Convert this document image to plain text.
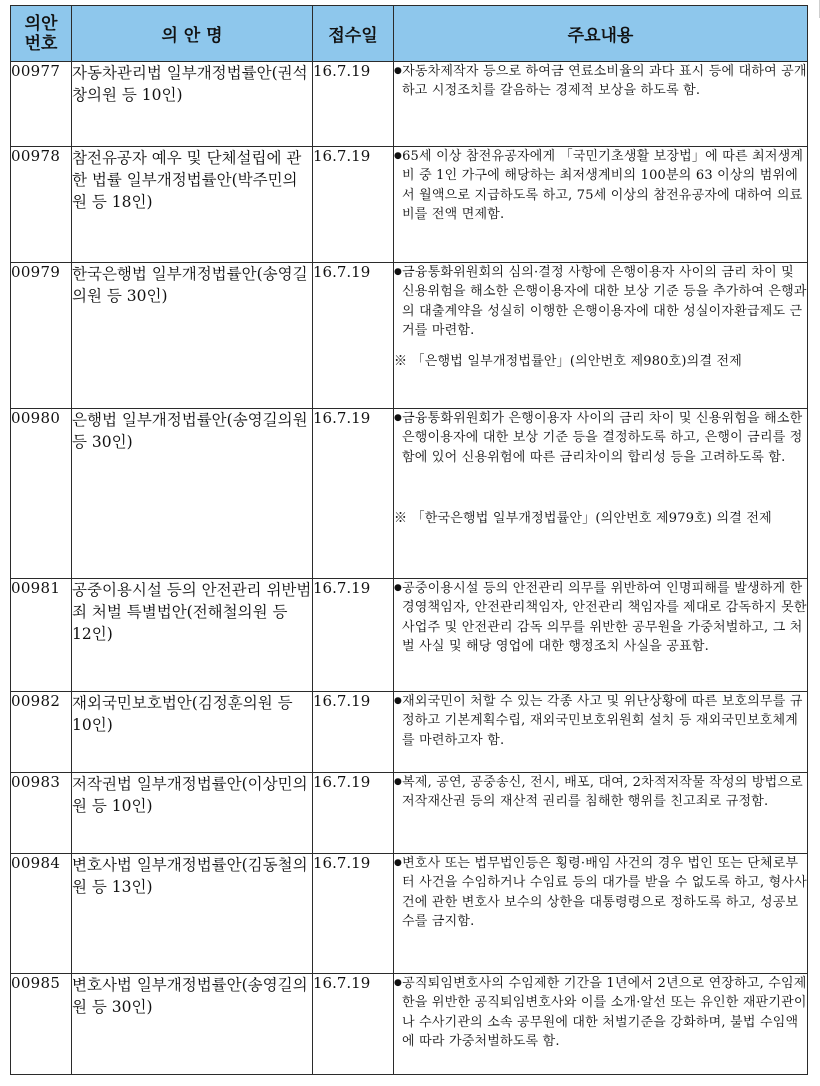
의안
번호	의 안 명	접수일	주요내용
00977	자동차관리법 일부개정법률안(권석창의원 등 10인)	16.7.19	●자동차제작자 등으로 하여금 연료소비율의 과다 표시 등에 대하여 공개하고 시정조치를 갈음하는 경제적 보상을 하도록 함.

00978	참전유공자 예우 및 단체설립에 관한 법률 일부개정법률안(박주민의원 등 18인)	16.7.19	●65세 이상 참전유공자에게 「국민기초생활 보장법」에 따른 최저생계비 중 1인 가구에 해당하는 최저생계비의 100분의 63 이상의 범위에서 월액으로 지급하도록 하고, 75세 이상의 참전유공자에 대하여 의료비를 전액 면제함.

00979	한국은행법 일부개정법률안(송영길의원 등 30인)	16.7.19	●금융통화위원회의 심의·결정 사항에 은행이용자 사이의 금리 차이 및 신용위험을 해소한 은행이용자에 대한 보상 기준 등을 추가하여 은행과의 대출계약을 성실히 이행한 은행이용자에 대한 성실이자환급제도 근거를 마련함.
※ 「은행법 일부개정법률안」(의안번호 제980호)의결 전제

00980	은행법 일부개정법률안(송영길의원 등 30인)	16.7.19	●금융통화위원회가 은행이용자 사이의 금리 차이 및 신용위험을 해소한 은행이용자에 대한 보상 기준 등을 결정하도록 하고, 은행이 금리를 정함에 있어 신용위험에 따른 금리차이의 합리성 등을 고려하도록 함.
※ 「한국은행법 일부개정법률안」(의안번호 제979호) 의결 전제

00981	공중이용시설 등의 안전관리 위반범죄 처벌 특별법안(전해철의원 등 12인)	16.7.19	●공중이용시설 등의 안전관리 의무를 위반하여 인명피해를 발생하게 한 경영책임자, 안전관리책임자, 안전관리 책임자를 제대로 감독하지 못한 사업주 및 안전관리 감독 의무를 위반한 공무원을 가중처벌하고, 그 처벌 사실 및 해당 영업에 대한 행정조치 사실을 공표함.

00982	재외국민보호법안(김정훈의원 등 10인)	16.7.19	●재외국민이 처할 수 있는 각종 사고 및 위난상황에 따른 보호의무를 규정하고 기본계획수립, 재외국민보호위원회 설치 등 재외국민보호체계를 마련하고자 함.

00983	저작권법 일부개정법률안(이상민의원 등 10인)	16.7.19	●복제, 공연, 공중송신, 전시, 배포, 대여, 2차적저작물 작성의 방법으로 저작재산권 등의 재산적 권리를 침해한 행위를 친고죄로 규정함.

00984	변호사법 일부개정법률안(김동철의원 등 13인)	16.7.19	●변호사 또는 법무법인등은 횡령·배임 사건의 경우 법인 또는 단체로부터 사건을 수임하거나 수임료 등의 대가를 받을 수 없도록 하고, 형사사건에 관한 변호사 보수의 상한을 대통령령으로 정하도록 하고, 성공보수를 금지함.

00985	변호사법 일부개정법률안(송영길의원 등 30인)	16.7.19	●공직퇴임변호사의 수임제한 기간을 1년에서 2년으로 연장하고, 수임제한을 위반한 공직퇴임변호사와 이를 소개·알선 또는 유인한 재판기관이나 수사기관의 소속 공무원에 대한 처벌기준을 강화하며, 불법 수임액에 따라 가중처벌하도록 함.
